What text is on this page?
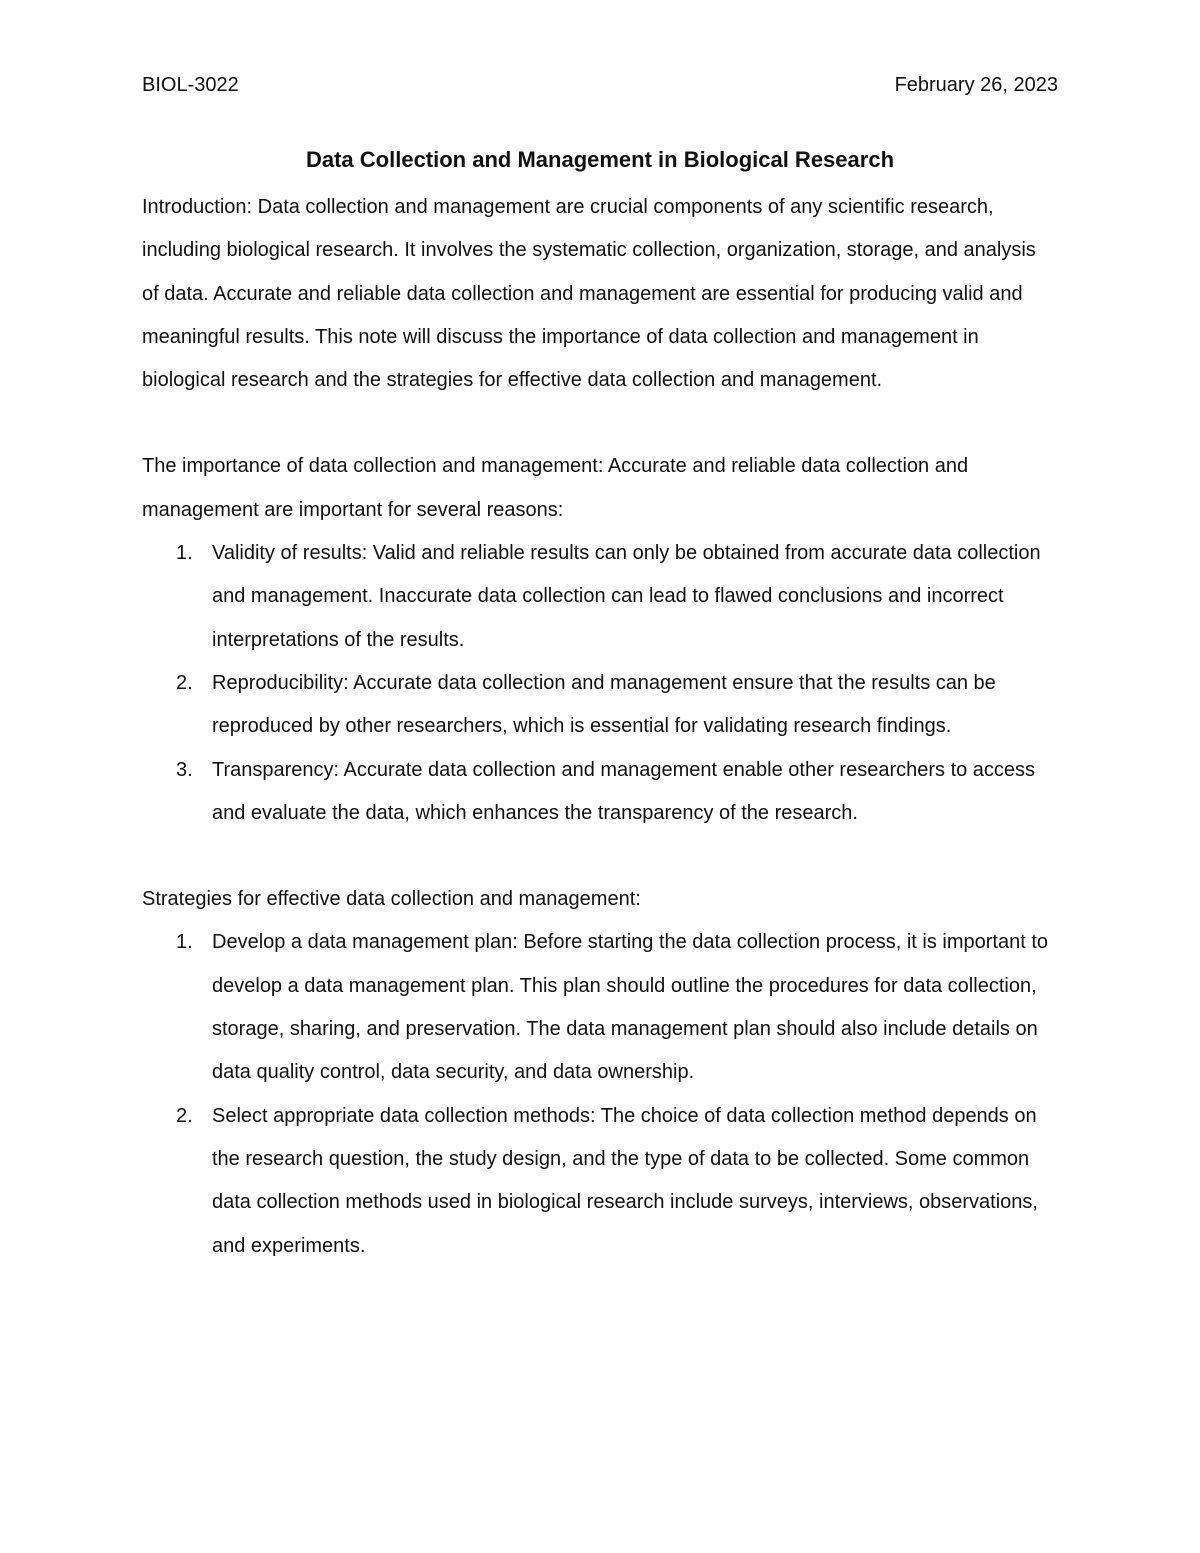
BIOL-3022	February 26, 2023
Data Collection and Management in Biological Research

Introduction: Data collection and management are crucial components of any scientific research, including biological research. It involves the systematic collection, organization, storage, and analysis of data. Accurate and reliable data collection and management are essential for producing valid and meaningful results. This note will discuss the importance of data collection and management in biological research and the strategies for effective data collection and management.

The importance of data collection and management: Accurate and reliable data collection and management are important for several reasons:

1. Validity of results: Valid and reliable results can only be obtained from accurate data collection and management. Inaccurate data collection can lead to flawed conclusions and incorrect interpretations of the results.
2. Reproducibility: Accurate data collection and management ensure that the results can be reproduced by other researchers, which is essential for validating research findings.
3. Transparency: Accurate data collection and management enable other researchers to access and evaluate the data, which enhances the transparency of the research.

Strategies for effective data collection and management:

1. Develop a data management plan: Before starting the data collection process, it is important to develop a data management plan. This plan should outline the procedures for data collection, storage, sharing, and preservation. The data management plan should also include details on data quality control, data security, and data ownership.
2. Select appropriate data collection methods: The choice of data collection method depends on the research question, the study design, and the type of data to be collected. Some common data collection methods used in biological research include surveys, interviews, observations, and experiments.
